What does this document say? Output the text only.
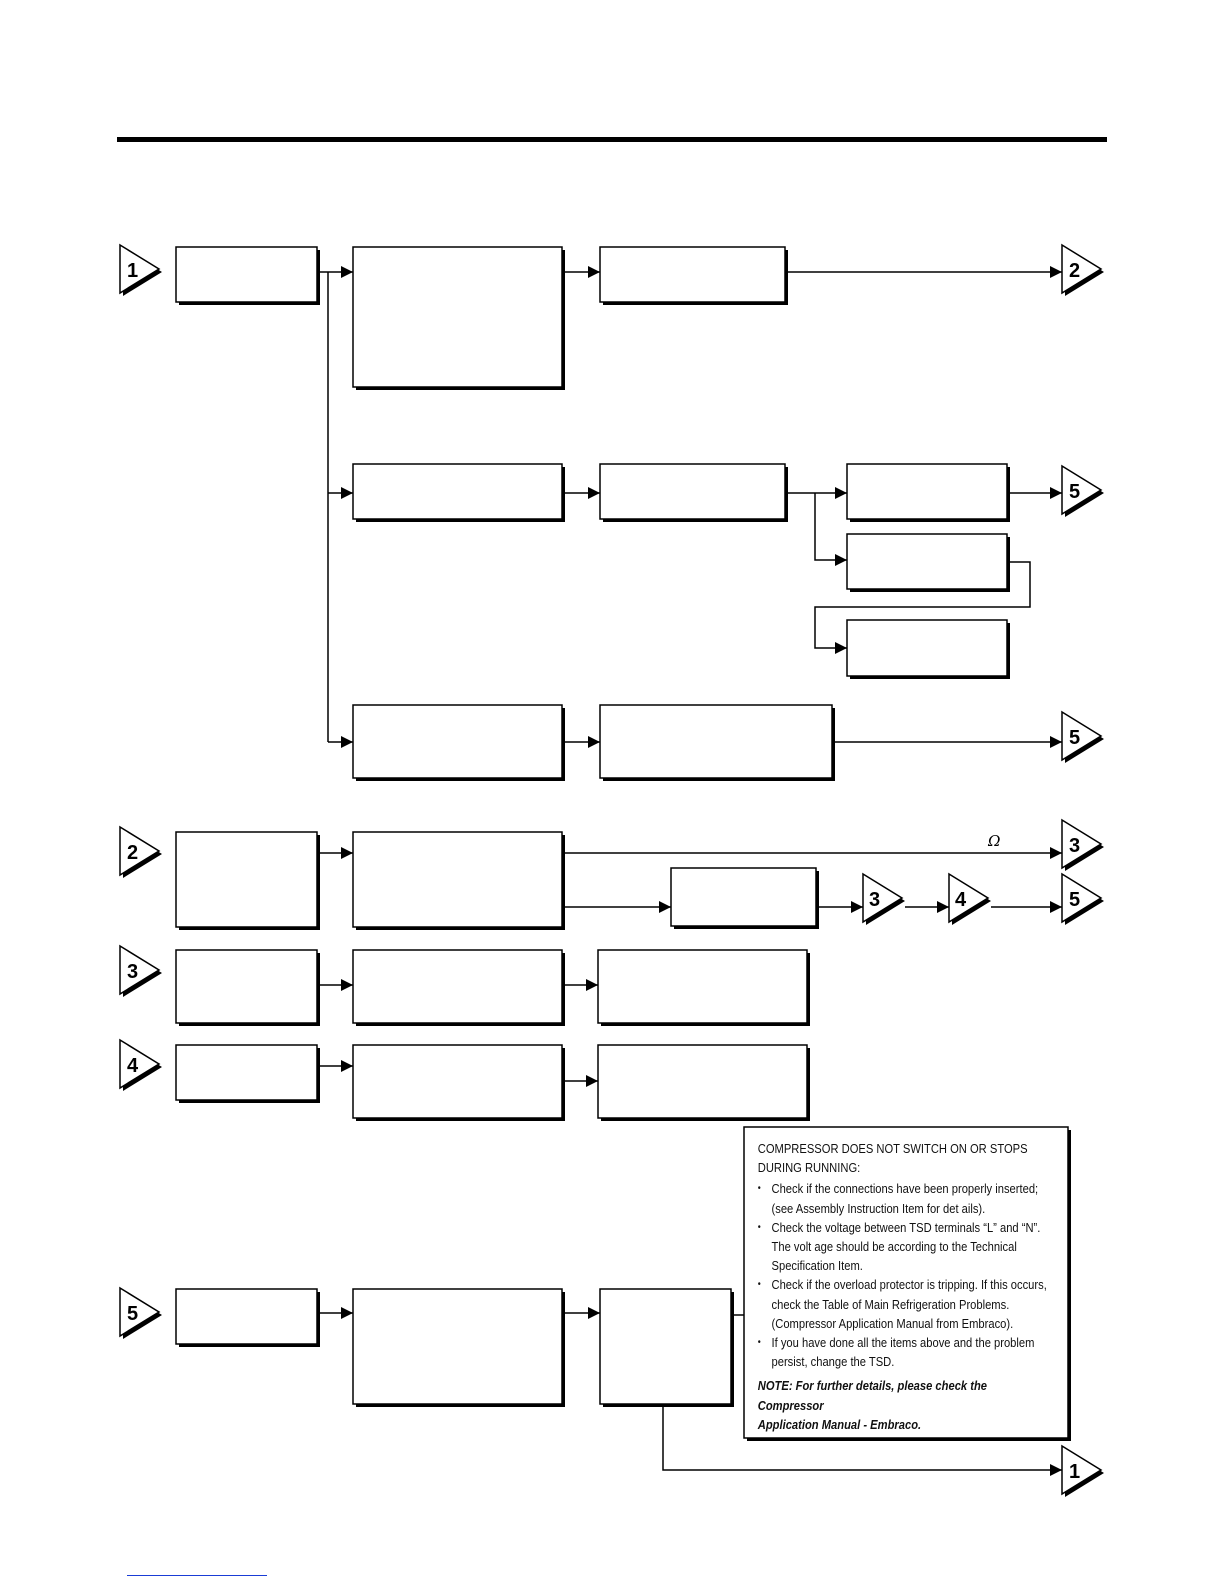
1	2
5
5
2	3
3	4	5
3
4
5
1
Ω

COMPRESSOR DOES NOT SWITCH ON OR STOPS

DURING RUNNING:

• Check if the connections have been properly inserted;
(see Assembly Instruction Item for det ails).
• Check the voltage between TSD terminals “L” and “N”.
The volt age should be according to the Technical
Specification Item.
• Check if the overload protector is tripping. If this occurs,
check the Table of Main Refrigeration Problems.
(Compressor Application Manual from Embraco).
• If you have done all the items above and the problem
persist, change the TSD.

NOTE: For further details, please check the Compressor

Application Manual - Embraco.
